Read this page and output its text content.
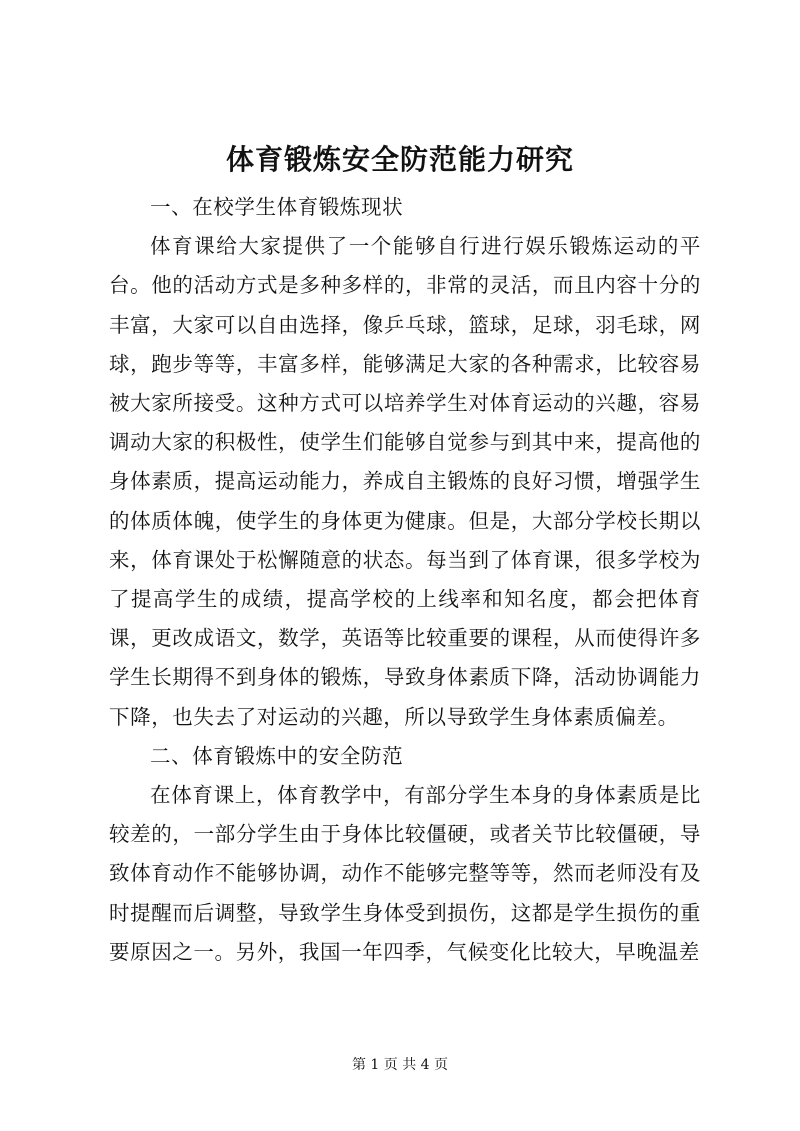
体育锻炼安全防范能力研究

一、在校学生体育锻炼现状

体育课给大家提供了一个能够自行进行娱乐锻炼运动的平台。他的活动方式是多种多样的，非常的灵活，而且内容十分的丰富，大家可以自由选择，像乒乓球，篮球，足球，羽毛球，网球，跑步等等，丰富多样，能够满足大家的各种需求，比较容易被大家所接受。这种方式可以培养学生对体育运动的兴趣，容易调动大家的积极性，使学生们能够自觉参与到其中来，提高他的身体素质，提高运动能力，养成自主锻炼的良好习惯，增强学生的体质体魄，使学生的身体更为健康。但是，大部分学校长期以来，体育课处于松懈随意的状态。每当到了体育课，很多学校为了提高学生的成绩，提高学校的上线率和知名度，都会把体育课，更改成语文，数学，英语等比较重要的课程，从而使得许多学生长期得不到身体的锻炼，导致身体素质下降，活动协调能力下降，也失去了对运动的兴趣，所以导致学生身体素质偏差。

二、体育锻炼中的安全防范

在体育课上，体育教学中，有部分学生本身的身体素质是比较差的，一部分学生由于身体比较僵硬，或者关节比较僵硬，导致体育动作不能够协调，动作不能够完整等等，然而老师没有及时提醒而后调整，导致学生身体受到损伤，这都是学生损伤的重要原因之一。另外，我国一年四季，气候变化比较大，早晚温差

第 1 页 共 4 页
